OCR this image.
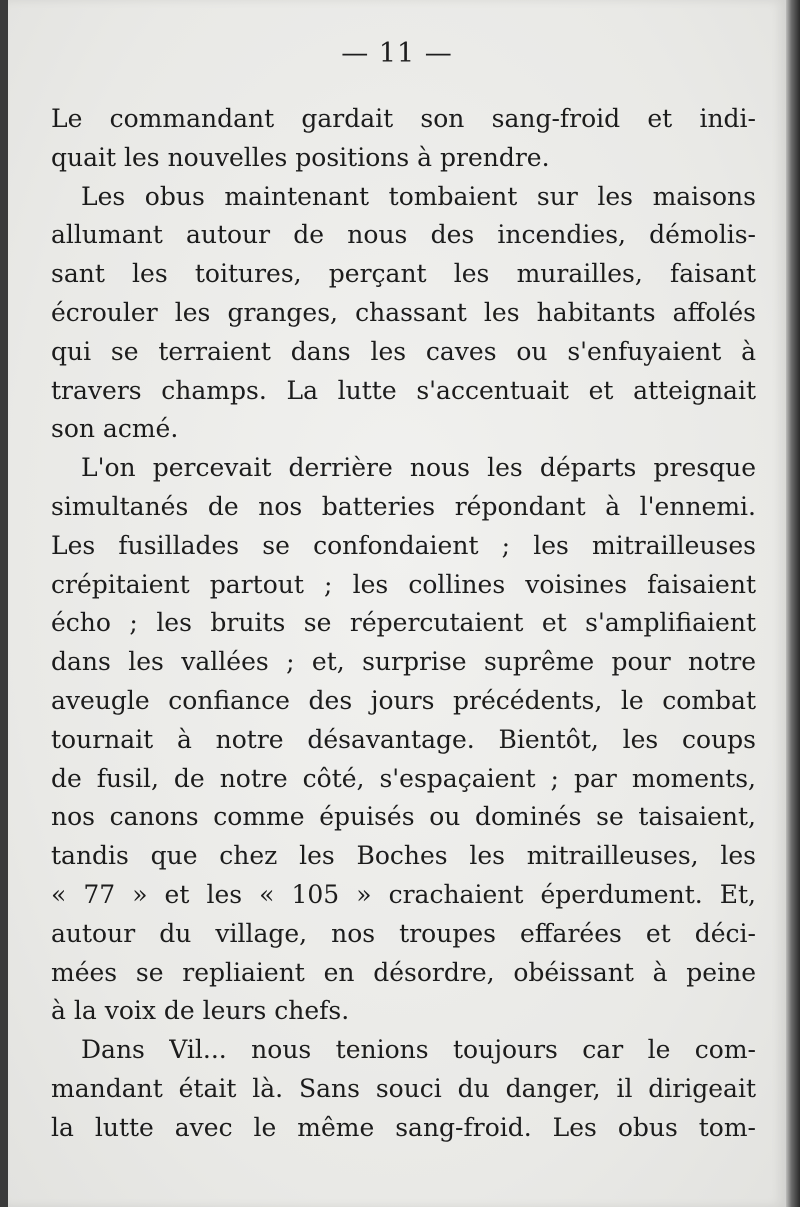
— 11 —
Le commandant gardait son sang-froid et indi-
quait les nouvelles positions à prendre.
Les obus maintenant tombaient sur les maisons
allumant autour de nous des incendies, démolis-
sant les toitures, perçant les murailles, faisant
écrouler les granges, chassant les habitants affolés
qui se terraient dans les caves ou s'enfuyaient à
travers champs. La lutte s'accentuait et atteignait
son acmé.
L'on percevait derrière nous les départs presque
simultanés de nos batteries répondant à l'ennemi.
Les fusillades se confondaient ; les mitrailleuses
crépitaient partout ; les collines voisines faisaient
écho ; les bruits se répercutaient et s'amplifiaient
dans les vallées ; et, surprise suprême pour notre
aveugle confiance des jours précédents, le combat
tournait à notre désavantage. Bientôt, les coups
de fusil, de notre côté, s'espaçaient ; par moments,
nos canons comme épuisés ou dominés se taisaient,
tandis que chez les Boches les mitrailleuses, les
« 77 » et les « 105 » crachaient éperdument. Et,
autour du village, nos troupes effarées et déci-
mées se repliaient en désordre, obéissant à peine
à la voix de leurs chefs.
Dans Vil... nous tenions toujours car le com-
mandant était là. Sans souci du danger, il dirigeait
la lutte avec le même sang-froid. Les obus tom-
